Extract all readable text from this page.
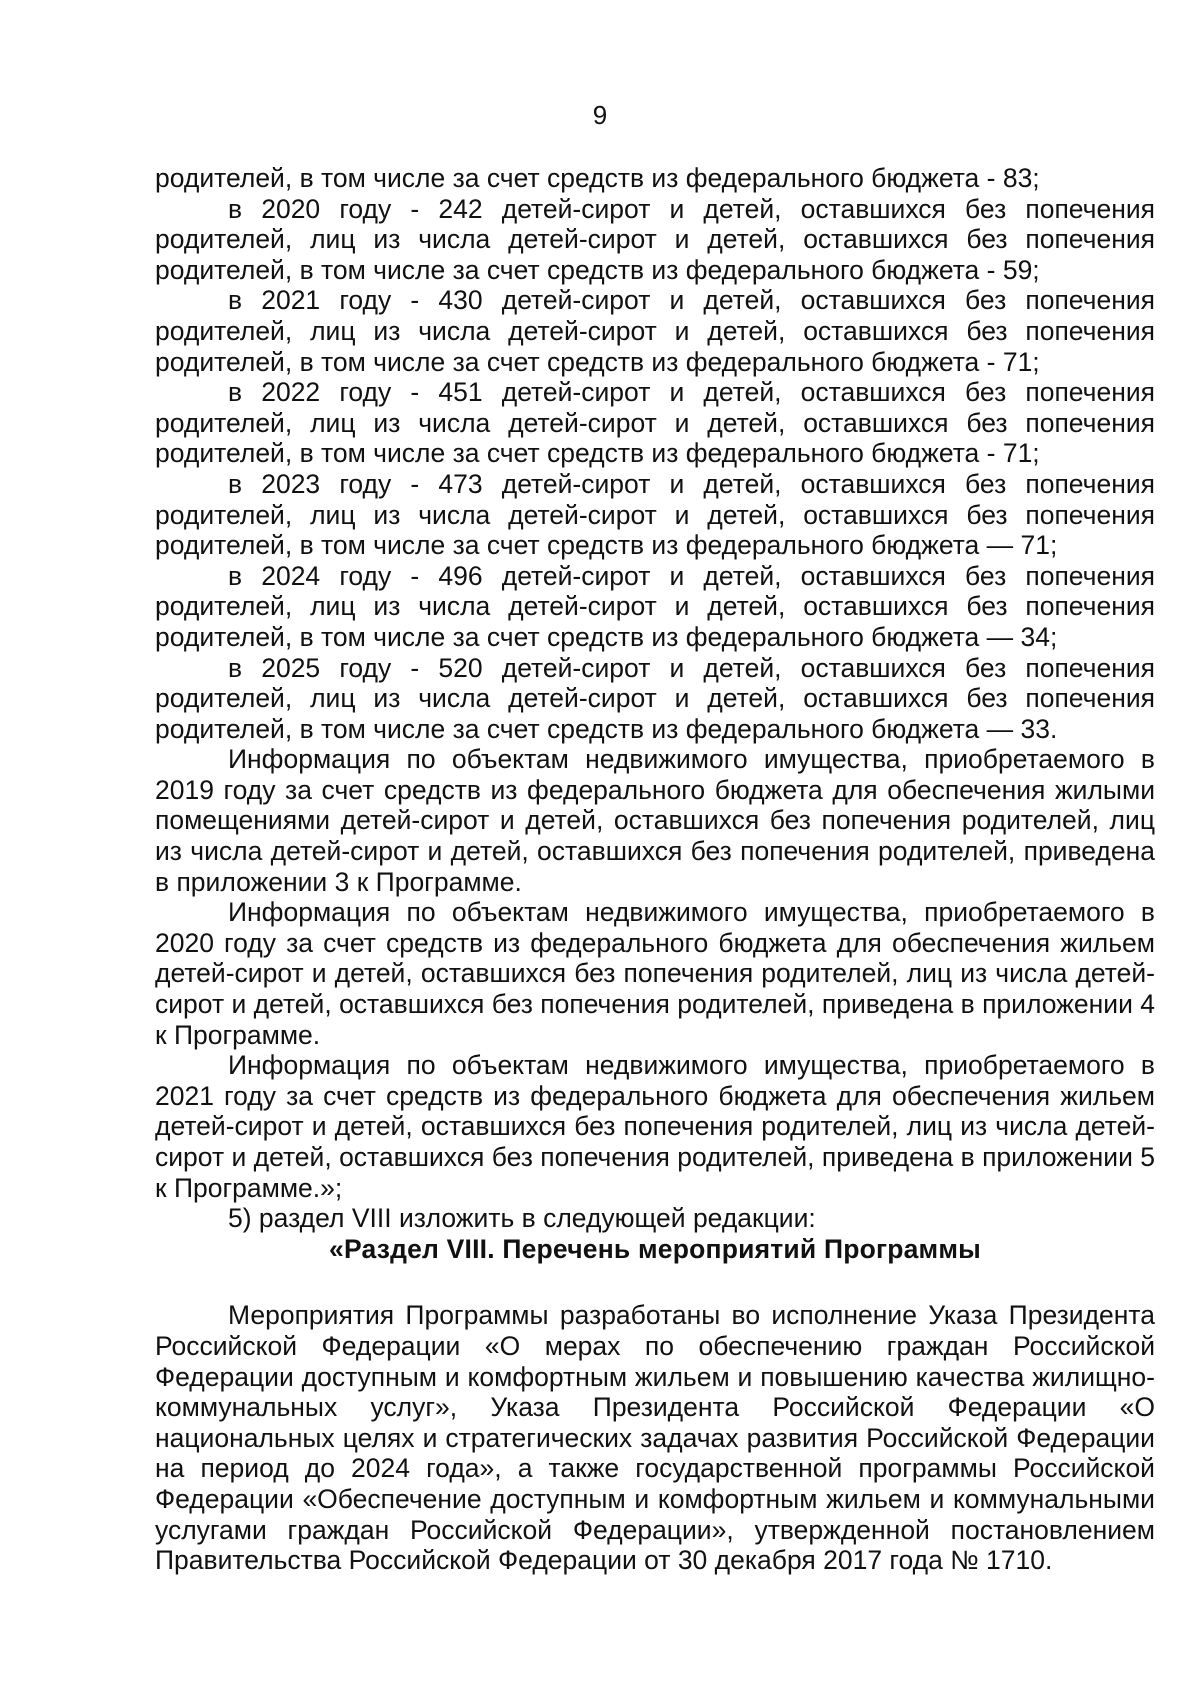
9

родителей, в том числе за счет средств из федерального бюджета - 83;

в 2020 году - 242 детей-сирот и детей, оставшихся без попечения родителей, лиц из числа детей-сирот и детей, оставшихся без попечения родителей, в том числе за счет средств из федерального бюджета - 59;

в 2021 году - 430 детей-сирот и детей, оставшихся без попечения родителей, лиц из числа детей-сирот и детей, оставшихся без попечения родителей, в том числе за счет средств из федерального бюджета - 71;

в 2022 году - 451 детей-сирот и детей, оставшихся без попечения родителей, лиц из числа детей-сирот и детей, оставшихся без попечения родителей, в том числе за счет средств из федерального бюджета - 71;

в 2023 году - 473 детей-сирот и детей, оставшихся без попечения родителей, лиц из числа детей-сирот и детей, оставшихся без попечения родителей, в том числе за счет средств из федерального бюджета — 71;

в 2024 году - 496 детей-сирот и детей, оставшихся без попечения родителей, лиц из числа детей-сирот и детей, оставшихся без попечения родителей, в том числе за счет средств из федерального бюджета — 34;

в 2025 году - 520 детей-сирот и детей, оставшихся без попечения родителей, лиц из числа детей-сирот и детей, оставшихся без попечения родителей, в том числе за счет средств из федерального бюджета — 33.

Информация по объектам недвижимого имущества, приобретаемого в 2019 году за счет средств из федерального бюджета для обеспечения жилыми помещениями детей-сирот и детей, оставшихся без попечения родителей, лиц из числа детей-сирот и детей, оставшихся без попечения родителей, приведена в приложении 3 к Программе.

Информация по объектам недвижимого имущества, приобретаемого в 2020 году за счет средств из федерального бюджета для обеспечения жильем детей-сирот и детей, оставшихся без попечения родителей, лиц из числа детей-сирот и детей, оставшихся без попечения родителей, приведена в приложении 4 к Программе.

Информация по объектам недвижимого имущества, приобретаемого в 2021 году за счет средств из федерального бюджета для обеспечения жильем детей-сирот и детей, оставшихся без попечения родителей, лиц из числа детей-сирот и детей, оставшихся без попечения родителей, приведена в приложении 5 к Программе.»;

5) раздел VIII изложить в следующей редакции:

«Раздел VIII. Перечень мероприятий Программы

Мероприятия Программы разработаны во исполнение Указа Президента Российской Федерации «О мерах по обеспечению граждан Российской Федерации доступным и комфортным жильем и повышению качества жилищно-коммунальных услуг», Указа Президента Российской Федерации «О национальных целях и стратегических задачах развития Российской Федерации на период до 2024 года», а также государственной программы Российской Федерации «Обеспечение доступным и комфортным жильем и коммунальными услугами граждан Российской Федерации», утвержденной постановлением Правительства Российской Федерации от 30 декабря 2017 года № 1710.
